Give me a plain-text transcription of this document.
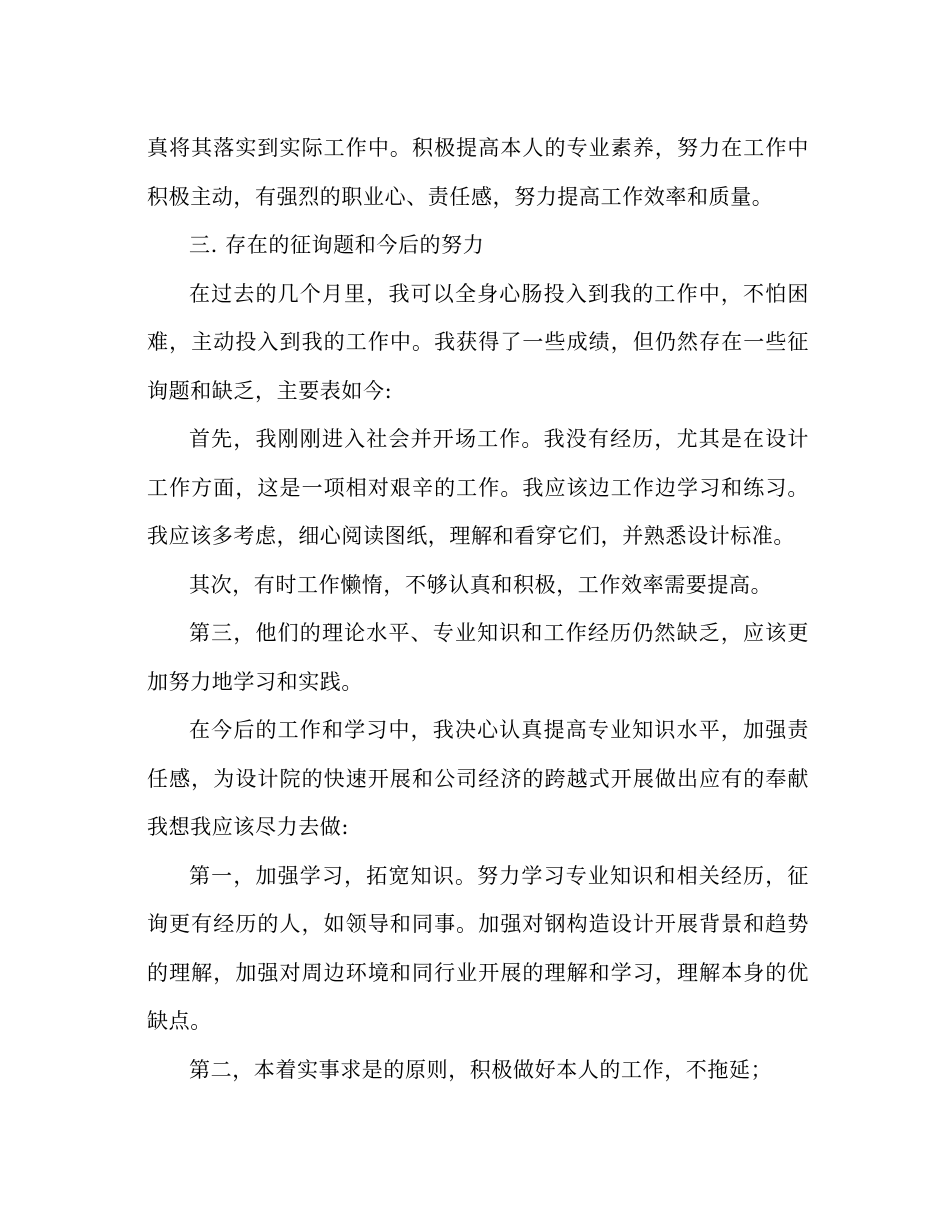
真将其落实到实际工作中。积极提高本人的专业素养，努力在工作中积极主动，有强烈的职业心、责任感，努力提高工作效率和质量。

三. 存在的征询题和今后的努力

在过去的几个月里，我可以全身心肠投入到我的工作中，不怕困难，主动投入到我的工作中。我获得了一些成绩，但仍然存在一些征询题和缺乏，主要表如今:

首先，我刚刚进入社会并开场工作。我没有经历，尤其是在设计工作方面，这是一项相对艰辛的工作。我应该边工作边学习和练习。我应该多考虑，细心阅读图纸，理解和看穿它们，并熟悉设计标准。

其次，有时工作懒惰，不够认真和积极，工作效率需要提高。

第三，他们的理论水平、专业知识和工作经历仍然缺乏，应该更加努力地学习和实践。

在今后的工作和学习中，我决心认真提高专业知识水平，加强责任感，为设计院的快速开展和公司经济的跨越式开展做出应有的奉献我想我应该尽力去做:

第一，加强学习，拓宽知识。努力学习专业知识和相关经历，征询更有经历的人，如领导和同事。加强对钢构造设计开展背景和趋势的理解，加强对周边环境和同行业开展的理解和学习，理解本身的优缺点。

第二，本着实事求是的原则，积极做好本人的工作，不拖延；
